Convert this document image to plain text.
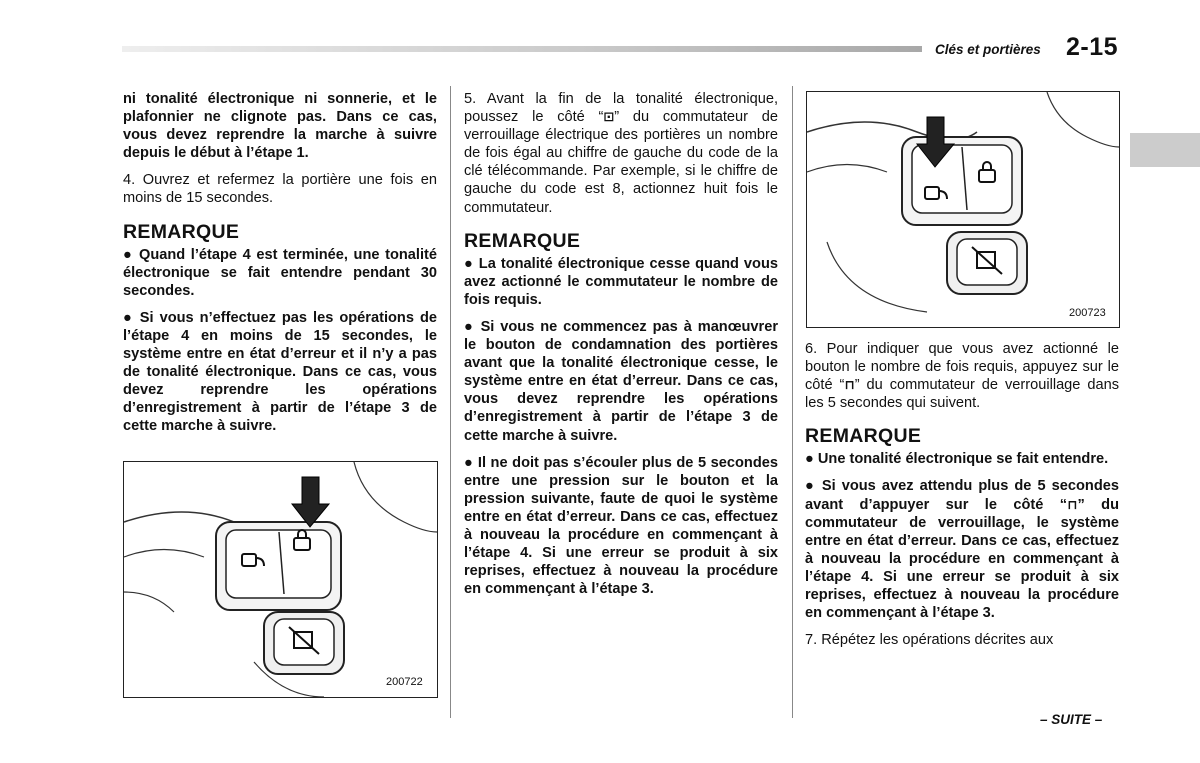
Clés et portières 2-15

ni tonalité électronique ni sonnerie, et le plafonnier ne clignote pas. Dans ce cas, vous devez reprendre la marche à suivre depuis le début à l’étape 1.

4. Ouvrez et refermez la portière une fois en moins de 15 secondes.

REMARQUE

● Quand l’étape 4 est terminée, une tonalité électronique se fait entendre pendant 30 secondes.

● Si vous n’effectuez pas les opérations de l’étape 4 en moins de 15 secondes, le système entre en état d’erreur et il n’y a pas de tonalité électronique. Dans ce cas, vous devez reprendre les opérations d’enregistrement à partir de l’étape 3 de cette marche à suivre.

200722

5. Avant la fin de la tonalité électronique, poussez le côté “⊡” du commutateur de verrouillage électrique des portières un nombre de fois égal au chiffre de gauche du code de la clé télécommande. Par exemple, si le chiffre de gauche du code est 8, actionnez huit fois le commutateur.

REMARQUE

● La tonalité électronique cesse quand vous avez actionné le commutateur le nombre de fois requis.

● Si vous ne commencez pas à manœuvrer le bouton de condamnation des portières avant que la tonalité électronique cesse, le système entre en état d’erreur. Dans ce cas, vous devez reprendre les opérations d’enregistrement à partir de l’étape 3 de cette marche à suivre.

● Il ne doit pas s’écouler plus de 5 secondes entre une pression sur le bouton et la pression suivante, faute de quoi le système entre en état d’erreur. Dans ce cas, effectuez à nouveau la procédure en commençant à l’étape 4. Si une erreur se produit à six reprises, effectuez à nouveau la procédure en commençant à l’étape 3.

200723

6. Pour indiquer que vous avez actionné le bouton le nombre de fois requis, appuyez sur le côté “⊓” du commutateur de verrouillage dans les 5 secondes qui suivent.

REMARQUE

● Une tonalité électronique se fait entendre.

● Si vous avez attendu plus de 5 secondes avant d’appuyer sur le côté “⊓” du commutateur de verrouillage, le système entre en état d’erreur. Dans ce cas, effectuez à nouveau la procédure en commençant à l’étape 4. Si une erreur se produit à six reprises, effectuez à nouveau la procédure en commençant à l’étape 3.

7. Répétez les opérations décrites aux

– SUITE –
